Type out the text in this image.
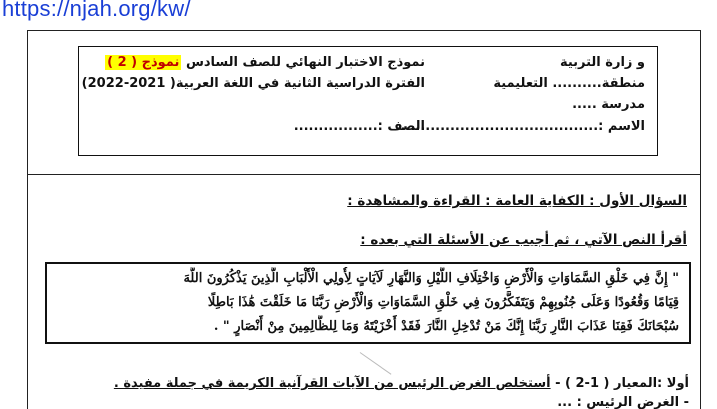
https://njah.org/kw/
و زارة التربية
منطقة.......... التعليمية
مدرسة .....
الاسم :.........................................
نموذج الاختبار النهائي للصف السادس نموذج ( 2 )
الفترة الدراسية الثانية في اللغة العربية( 2021-2022)
الصف :.................
السؤال الأول : الكفاية العامة : القراءة والمشاهدة :
أقرأ النص الآتي ، ثم أجيب عن الأسئلة التي بعده :
" إِنَّ فِي خَلْقِ السَّمَاوَاتِ وَالْأَرْضِ وَاخْتِلَافِ اللَّيْلِ وَالنَّهَارِ لَآيَاتٍ لِأُولِي الْأَلْبَابِ الَّذِينَ يَذْكُرُونَ اللَّهَ
قِيَامًا وَقُعُودًا وَعَلَى جُنُوبِهِمْ وَيَتَفَكَّرُونَ فِي خَلْقِ السَّمَاوَاتِ وَالْأَرْضِ رَبَّنَا مَا خَلَقْتَ هَٰذَا بَاطِلًا
سُبْحَانَكَ فَقِنَا عَذَابَ النَّارِ رَبَّنَا إِنَّكَ مَنْ تُدْخِلِ النَّارَ فَقَدْ أَخْزَيْتَهُ وَمَا لِلظَّالِمِينَ مِنْ أَنْصَارٍ " .
أولا :المعيار ( 1-2 ) - أستخلص الغرض الرئيس من الآيات القرآنية الكريمة في جملة مفيدة .
- الغرض الرئيس : ...
